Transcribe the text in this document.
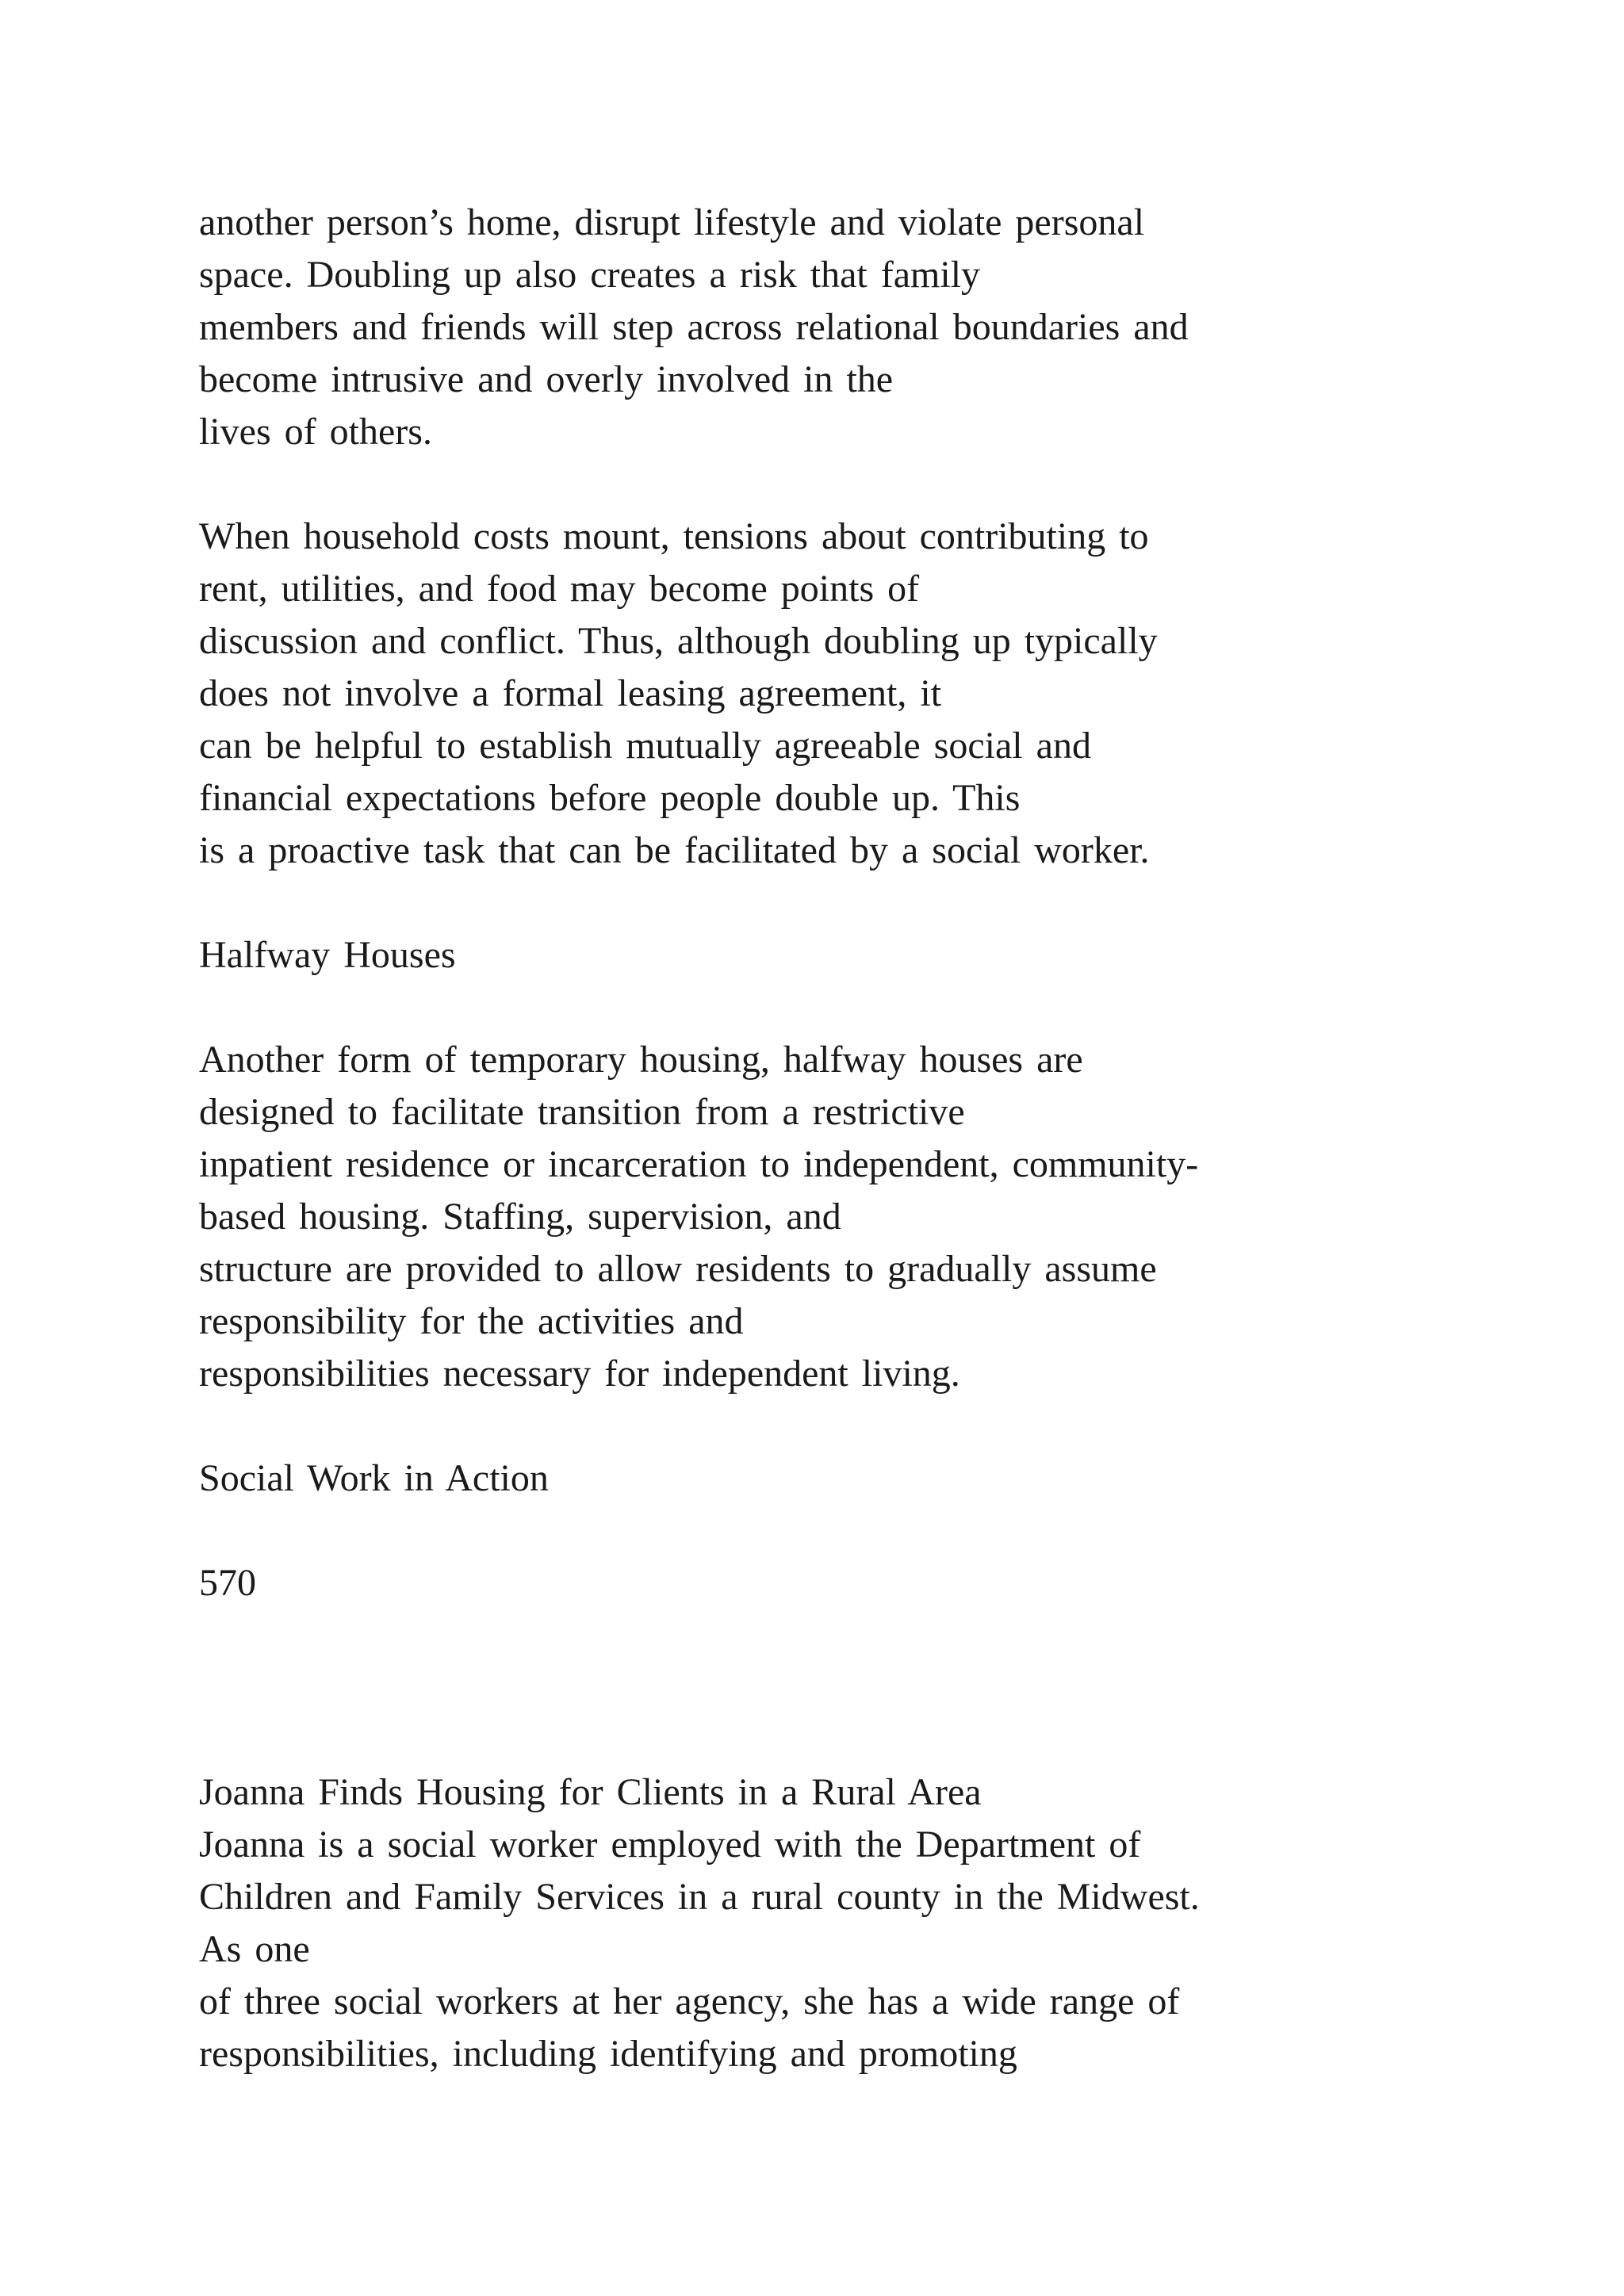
another person’s home, disrupt lifestyle and violate personal

space. Doubling up also creates a risk that family

members and friends will step across relational boundaries and

become intrusive and overly involved in the

lives of others.

When household costs mount, tensions about contributing to

rent, utilities, and food may become points of

discussion and conflict. Thus, although doubling up typically

does not involve a formal leasing agreement, it

can be helpful to establish mutually agreeable social and

financial expectations before people double up. This

is a proactive task that can be facilitated by a social worker.

Halfway Houses

Another form of temporary housing, halfway houses are

designed to facilitate transition from a restrictive

inpatient residence or incarceration to independent, community-

based housing. Staffing, supervision, and

structure are provided to allow residents to gradually assume

responsibility for the activities and

responsibilities necessary for independent living.

Social Work in Action

570

Joanna Finds Housing for Clients in a Rural Area

Joanna is a social worker employed with the Department of

Children and Family Services in a rural county in the Midwest.

As one

of three social workers at her agency, she has a wide range of

responsibilities, including identifying and promoting
